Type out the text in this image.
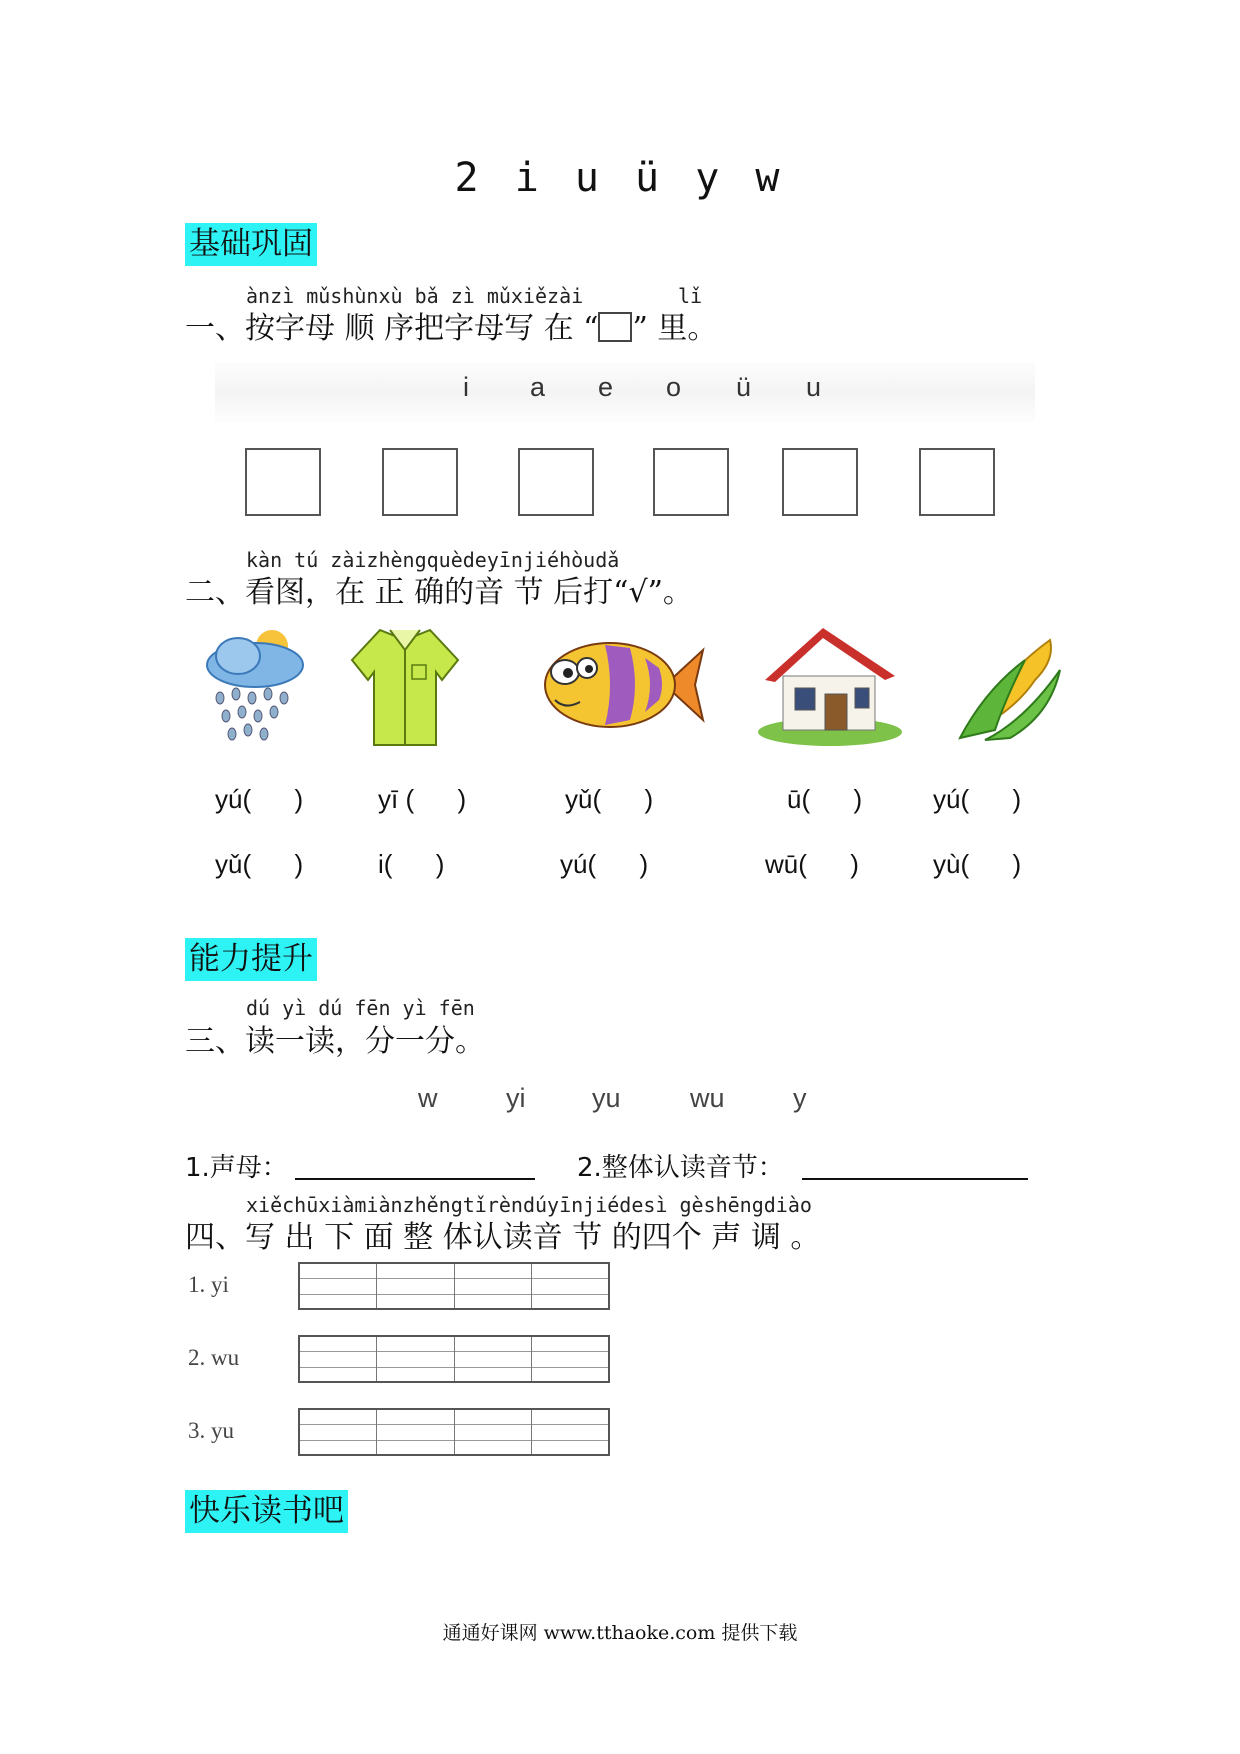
2 i u ü y w
基础巩固
ànzì mǔshùnxù bǎ zì mǔxiězài	lǐ
一、按字母 顺 序把字母写 在 “ ” 里。
i a e o ü u
kàn tú zàizhèngquèdeyīnjiéhòudǎ
二、看图，在 正 确的音 节 后打“√”。
yú(      )	yī (      )	yǔ(      )	ū(      )	yú(      )
yǔ(      )	i(      )	yú(      )	wū(      )	yù(      )
能力提升
dú yì dú fēn yì fēn
三、读一读，分一分。
w	yi yu	wu	y
1.声母：	2.整体认读音节：
xiěchūxiàmiànzhěngtǐrèndúyīnjiédesì gèshēngdiào
四、写 出 下 面 整 体认读音 节 的四个 声 调 。
1. yi
2. wu
3. yu
快乐读书吧
通通好课网 www.tthaoke.com 提供下载
